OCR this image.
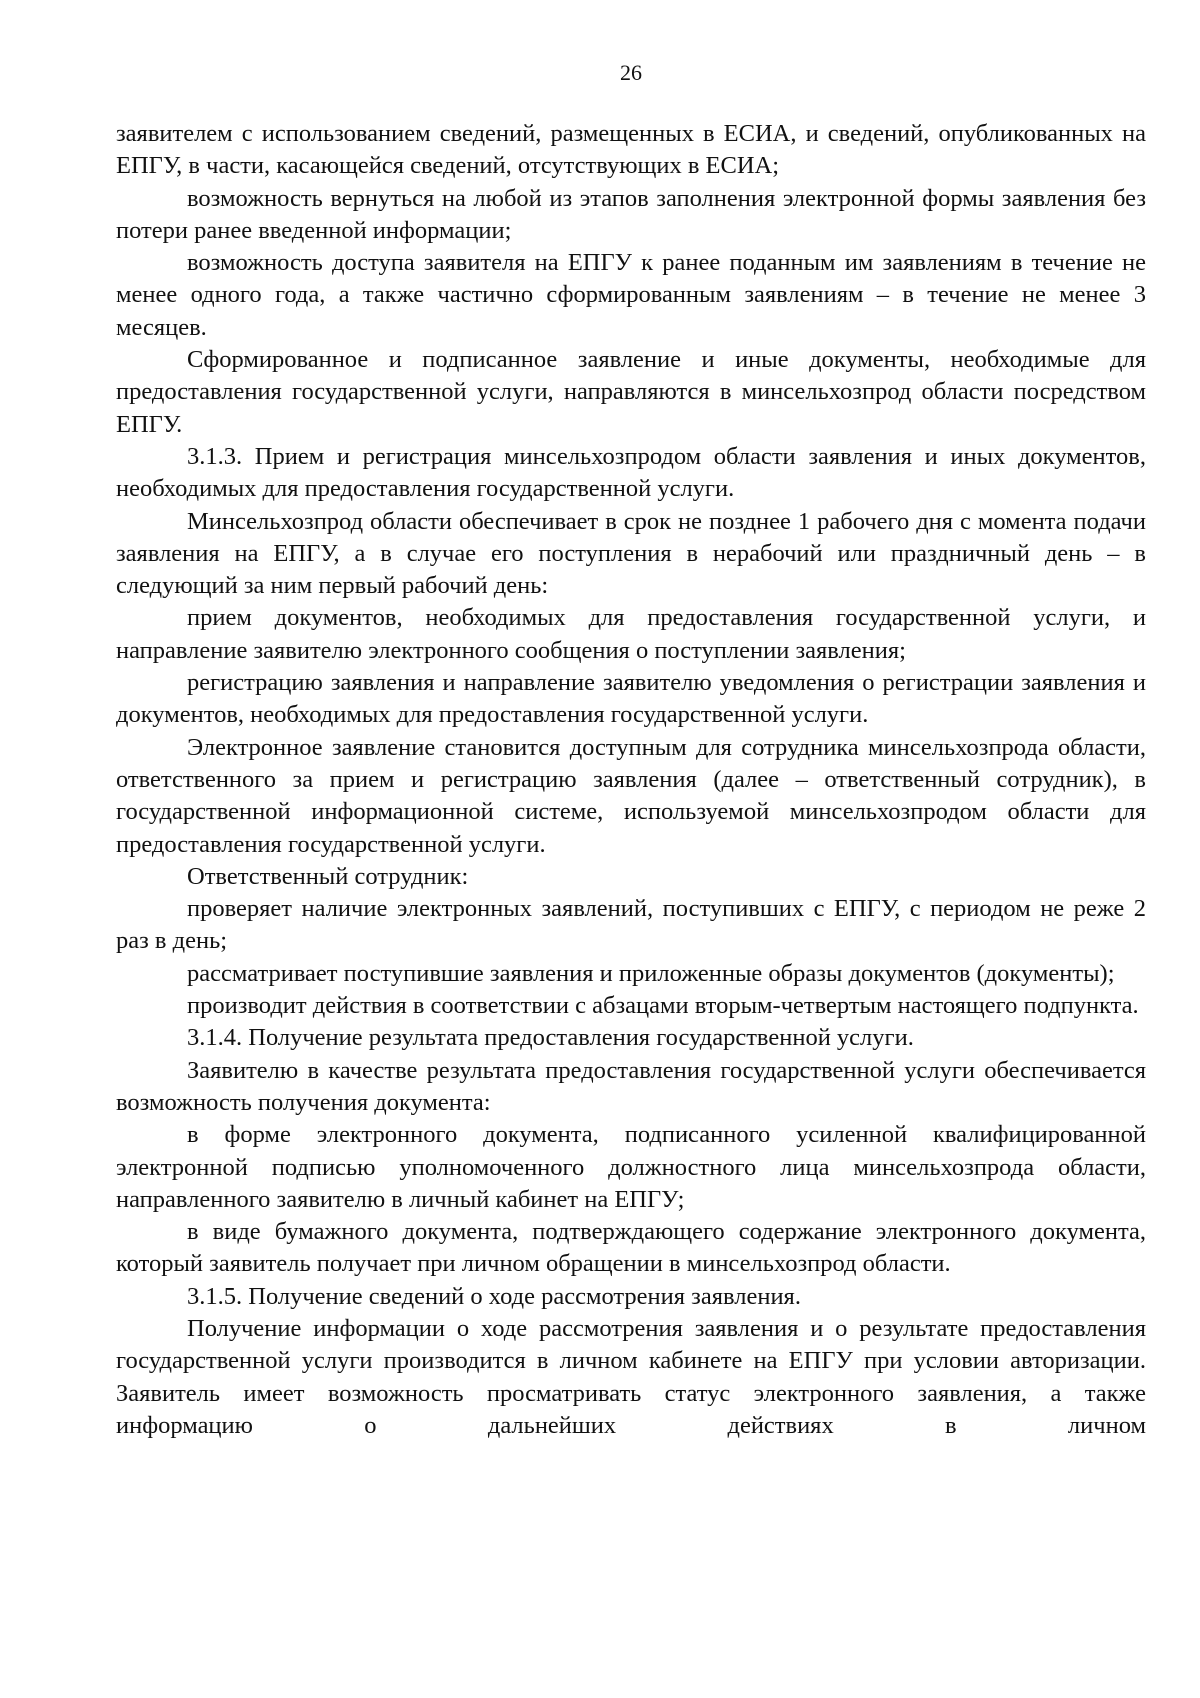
26

заявителем с использованием сведений, размещенных в ЕСИА, и сведений, опубликованных на ЕПГУ, в части, касающейся сведений, отсутствующих в ЕСИА;

возможность вернуться на любой из этапов заполнения электронной формы заявления без потери ранее введенной информации;

возможность доступа заявителя на ЕПГУ к ранее поданным им заявлениям в течение не менее одного года, а также частично сформированным заявлениям – в течение не менее 3 месяцев.

Сформированное и подписанное заявление и иные документы, необходимые для предоставления государственной услуги, направляются в минсельхозпрод области посредством ЕПГУ.

3.1.3. Прием и регистрация минсельхозпродом области заявления и иных документов, необходимых для предоставления государственной услуги.

Минсельхозпрод области обеспечивает в срок не позднее 1 рабочего дня с момента подачи заявления на ЕПГУ, а в случае его поступления в нерабочий или праздничный день – в следующий за ним первый рабочий день:

прием документов, необходимых для предоставления государственной услуги, и направление заявителю электронного сообщения о поступлении заявления;

регистрацию заявления и направление заявителю уведомления о регистрации заявления и документов, необходимых для предоставления государственной услуги.

Электронное заявление становится доступным для сотрудника минсельхозпрода области, ответственного за прием и регистрацию заявления (далее – ответственный сотрудник), в государственной информационной системе, используемой минсельхозпродом области для предоставления государственной услуги.

Ответственный сотрудник:

проверяет наличие электронных заявлений, поступивших с ЕПГУ, с периодом не реже 2 раз в день;

рассматривает поступившие заявления и приложенные образы документов (документы);

производит действия в соответствии с абзацами вторым-четвертым настоящего подпункта.

3.1.4. Получение результата предоставления государственной услуги.

Заявителю в качестве результата предоставления государственной услуги обеспечивается возможность получения документа:

в форме электронного документа, подписанного усиленной квалифицированной электронной подписью уполномоченного должностного лица минсельхозпрода области, направленного заявителю в личный кабинет на ЕПГУ;

в виде бумажного документа, подтверждающего содержание электронного документа, который заявитель получает при личном обращении в минсельхозпрод области.

3.1.5. Получение сведений о ходе рассмотрения заявления.

Получение информации о ходе рассмотрения заявления и о результате предоставления государственной услуги производится в личном кабинете на ЕПГУ при условии авторизации. Заявитель имеет возможность просматривать статус электронного заявления, а также информацию о дальнейших действиях в личном
